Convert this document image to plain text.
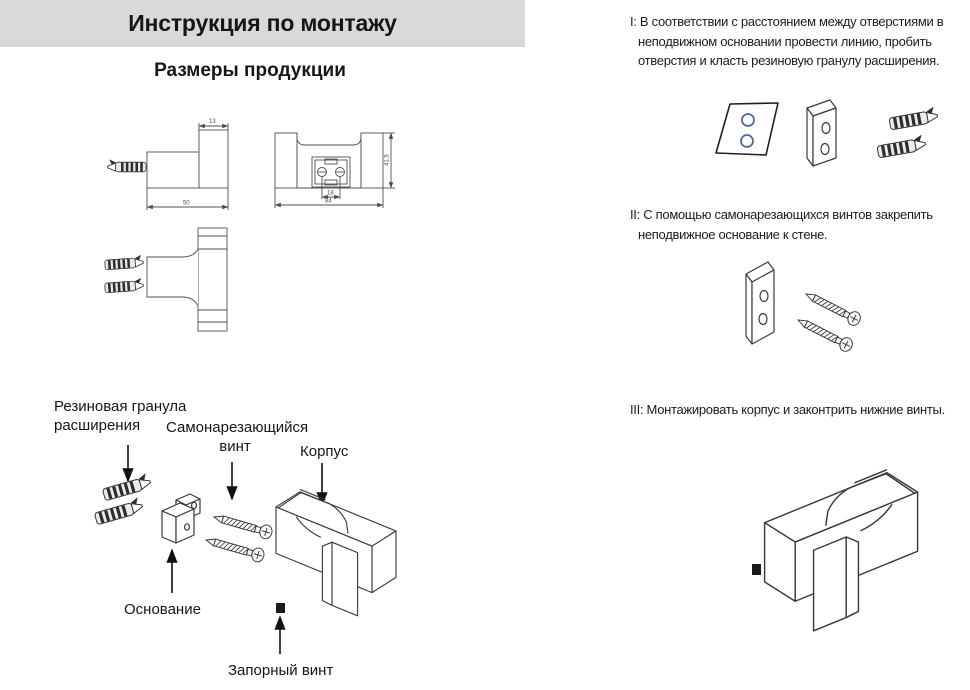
Инструкция по монтажу
Размеры продукции
13
50
41.5
18
84
Резиновая гранула расширения	Самонарезающийся винт	Корпус
Основание
Запорный винт

I: В соответствии с расстоянием между отверстиями в неподвижном основании провести линию, пробить отверстия и класть резиновую гранулу расширения.

II: С помощью самонарезающихся винтов закрепить неподвижное основание к стене.

III: Монтажировать корпус и законтрить нижние винты.
